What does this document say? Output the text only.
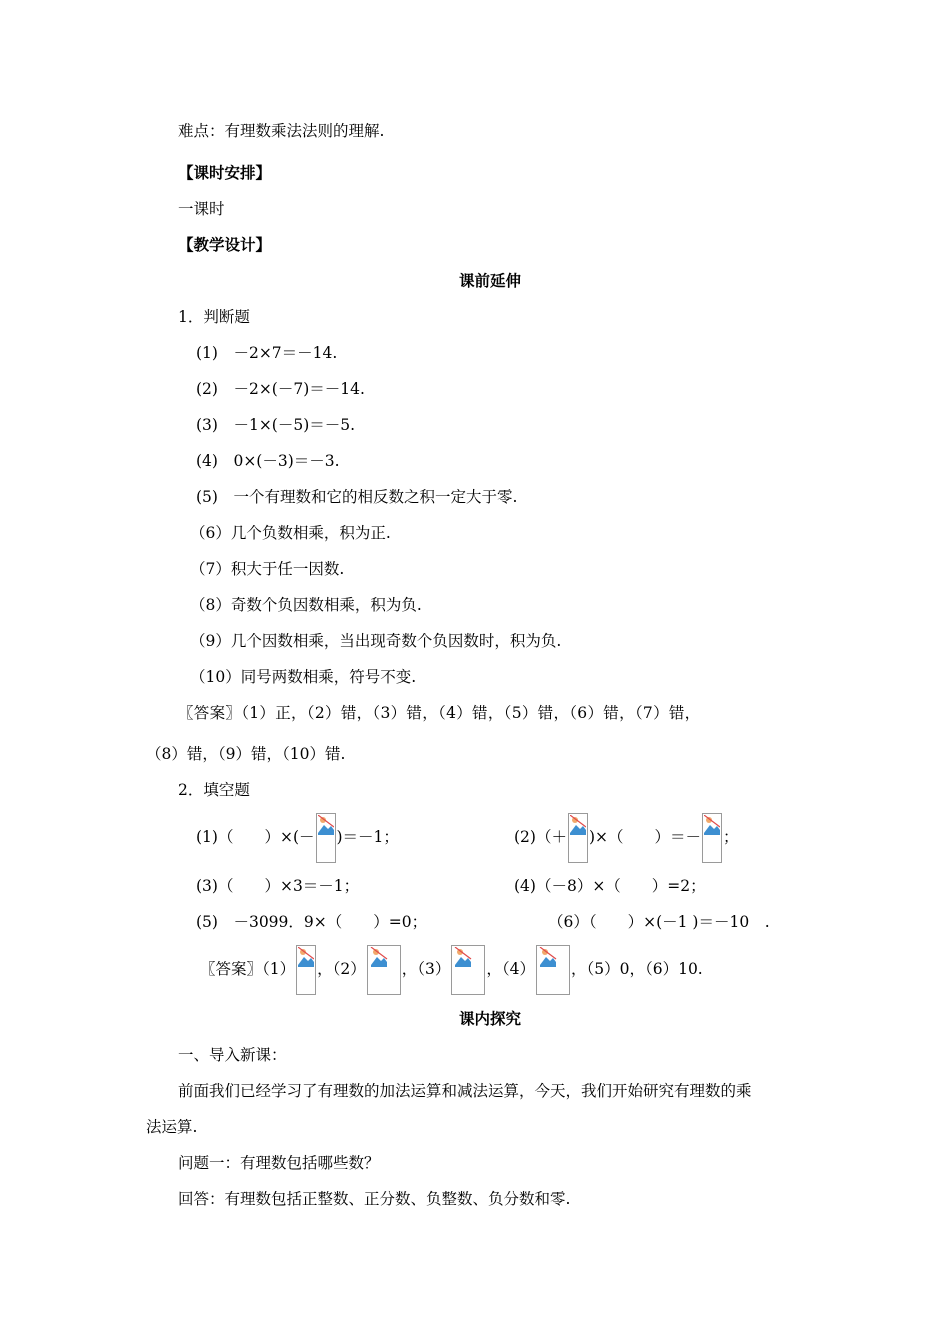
难点：有理数乘法法则的理解.
【课时安排】
一课时
【教学设计】
课前延伸
1．判断题
(1)　－2×7＝－14.
(2)　－2×(－7)＝－14.
(3)　－1×(－5)＝－5.
(4)　0×(－3)＝－3.
(5)　一个有理数和它的相反数之积一定大于零.
（6）几个负数相乘，积为正.
（7）积大于任一因数.
（8）奇数个负因数相乘，积为负.
（9）几个因数相乘，当出现奇数个负因数时，积为负.
（10）同号两数相乘，符号不变.
〖答案〗（1）正，（2）错，（3）错，（4）错，（5）错，（6）错，（7）错，
（8）错，（9）错，（10）错.
2．填空题
(1)（　　）×(－ )＝－1；	(2)（＋ )×（　　）＝－ ；
(3)（　　）×3＝－1；	(4)（－8）×（　　）=2；
(5)　－3099．9×（　　）=0；	（6）（　　）×(－1 )＝－10　.
〖答案〗（1） ，（2） ，（3） ，（4） ，（5）0，（6）10.
课内探究
一、导入新课：
前面我们已经学习了有理数的加法运算和减法运算，今天，我们开始研究有理数的乘
法运算.
问题一：有理数包括哪些数？
回答：有理数包括正整数、正分数、负整数、负分数和零.
